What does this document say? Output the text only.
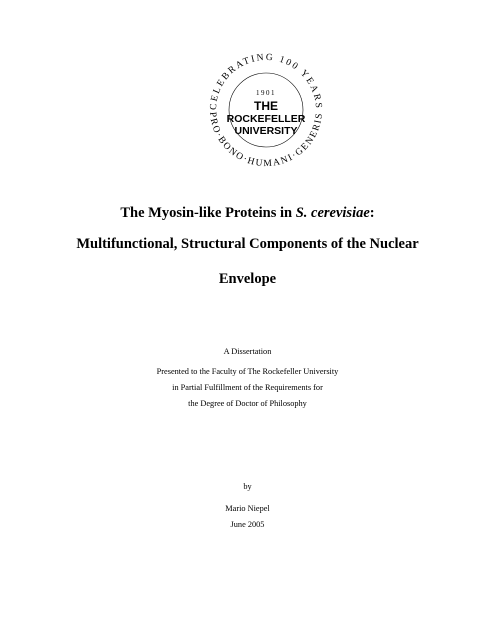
CELEBRATING 100 YEARS
PRO·BONO·HUMANI·GENERIS
1901
THE
ROCKEFELLER
UNIVERSITY
The Myosin-like Proteins in S. cerevisiae:
Multifunctional, Structural Components of the Nuclear
Envelope
A Dissertation
Presented to the Faculty of The Rockefeller University
in Partial Fulfillment of the Requirements for
the Degree of Doctor of Philosophy
by
Mario Niepel
June 2005
